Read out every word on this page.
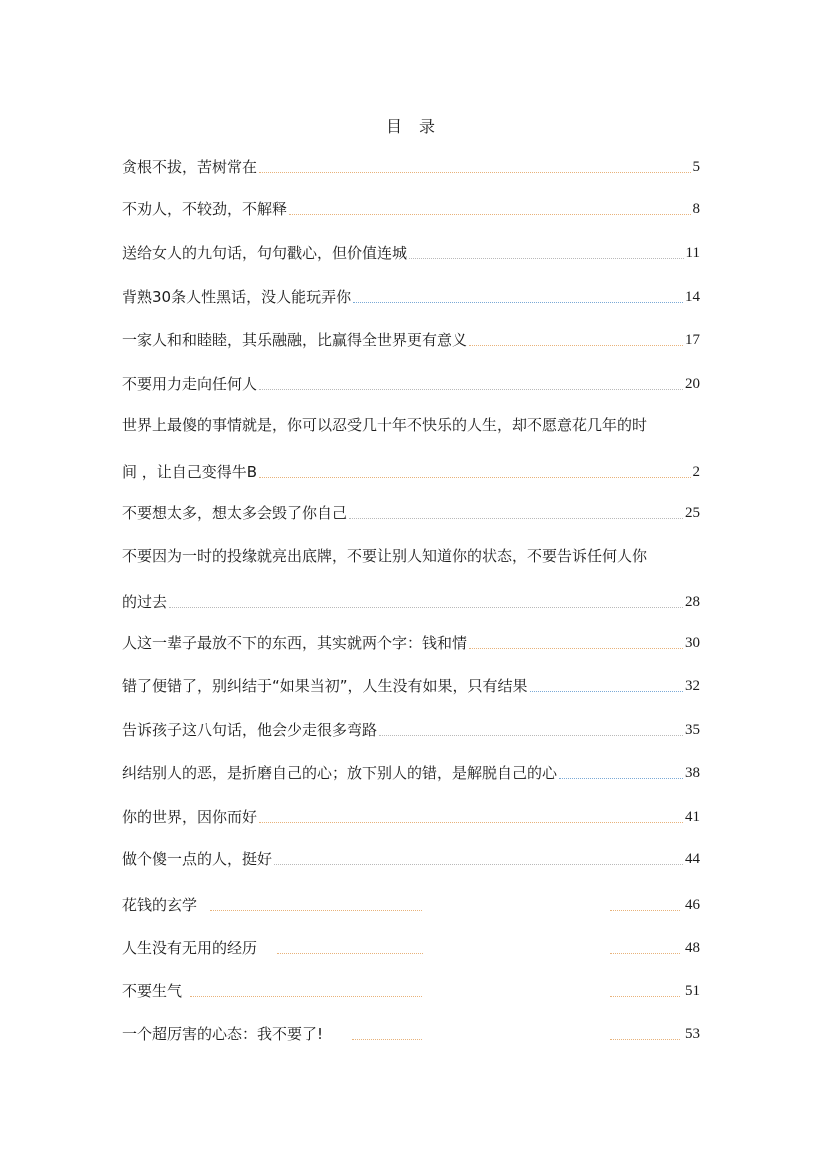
目 录
贪根不拔，苦树常在	5
不劝人，不较劲，不解释	8
送给女人的九句话，句句戳心，但价值连城	11
背熟30条人性黑话，没人能玩弄你	14
一家人和和睦睦，其乐融融，比赢得全世界更有意义	17
不要用力走向任何人	20
世界上最傻的事情就是，你可以忍受几十年不快乐的人生，却不愿意花几年的时
间 ，让自己变得牛B	2
不要想太多，想太多会毁了你自己	25
不要因为一时的投缘就亮出底牌，不要让别人知道你的状态，不要告诉任何人你
的过去	28
人这一辈子最放不下的东西，其实就两个字：钱和情	30
错了便错了，别纠结于“如果当初”，人生没有如果，只有结果	32
告诉孩子这八句话，他会少走很多弯路	35
纠结别人的恶，是折磨自己的心；放下别人的错，是解脱自己的心	38
你的世界，因你而好	41
做个傻一点的人，挺好	44
花钱的玄学	46
人生没有无用的经历	48
不要生气	51
一个超厉害的心态：我不要了!	53
